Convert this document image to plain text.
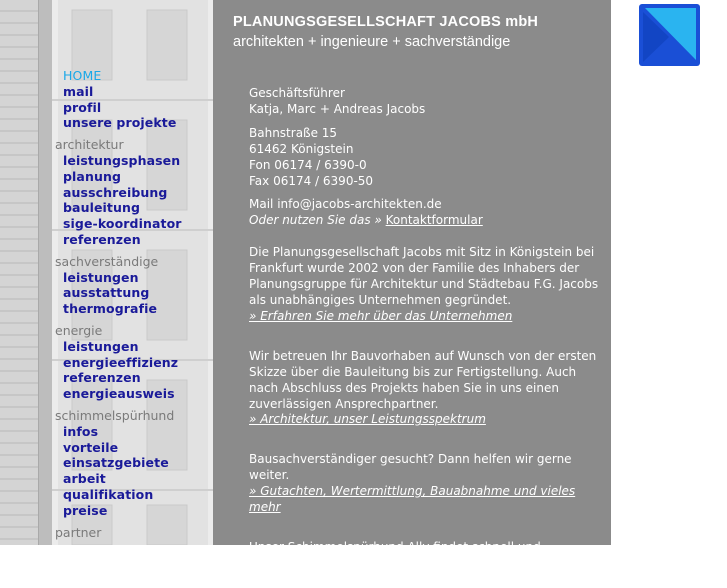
HOME
mail
profil
unsere projekte
architektur
leistungsphasen
planung
ausschreibung
bauleitung
sige-koordinator
referenzen
sachverständige
leistungen
ausstattung
thermografie
energie
leistungen
energieeffizienz
referenzen
energieausweis
schimmelspürhund
infos
vorteile
einsatzgebiete
arbeit
qualifikation
preise
partner
PLANUNGSGESELLSCHAFT JACOBS mbH
architekten + ingenieure + sachverständige

Geschäftsführer

Katja, Marc + Andreas Jacobs

Bahnstraße 15

61462 Königstein

Fon 06174 / 6390-0

Fax 06174 / 6390-50

Mail info@jacobs-architekten.de

Oder nutzen Sie das » Kontaktformular

Die Planungsgesellschaft Jacobs mit Sitz in Königstein bei Frankfurt wurde 2002 von der Familie des Inhabers der Planungsgruppe für Architektur und Städtebau F.G. Jacobs als unabhängiges Unternehmen gegründet.

» Erfahren Sie mehr über das Unternehmen

Wir betreuen Ihr Bauvorhaben auf Wunsch von der ersten Skizze über die Bauleitung bis zur Fertigstellung. Auch nach Abschluss des Projekts haben Sie in uns einen zuverlässigen Ansprechpartner.

» Architektur, unser Leistungsspektrum

Bausachverständiger gesucht? Dann helfen wir gerne weiter.

» Gutachten, Wertermittlung, Bauabnahme und vieles mehr

Unser Schimmelspürhund Ally findet schnell und zuverlässig versteckten Schimmel und feuchte Ecken in Wohnräumen.
